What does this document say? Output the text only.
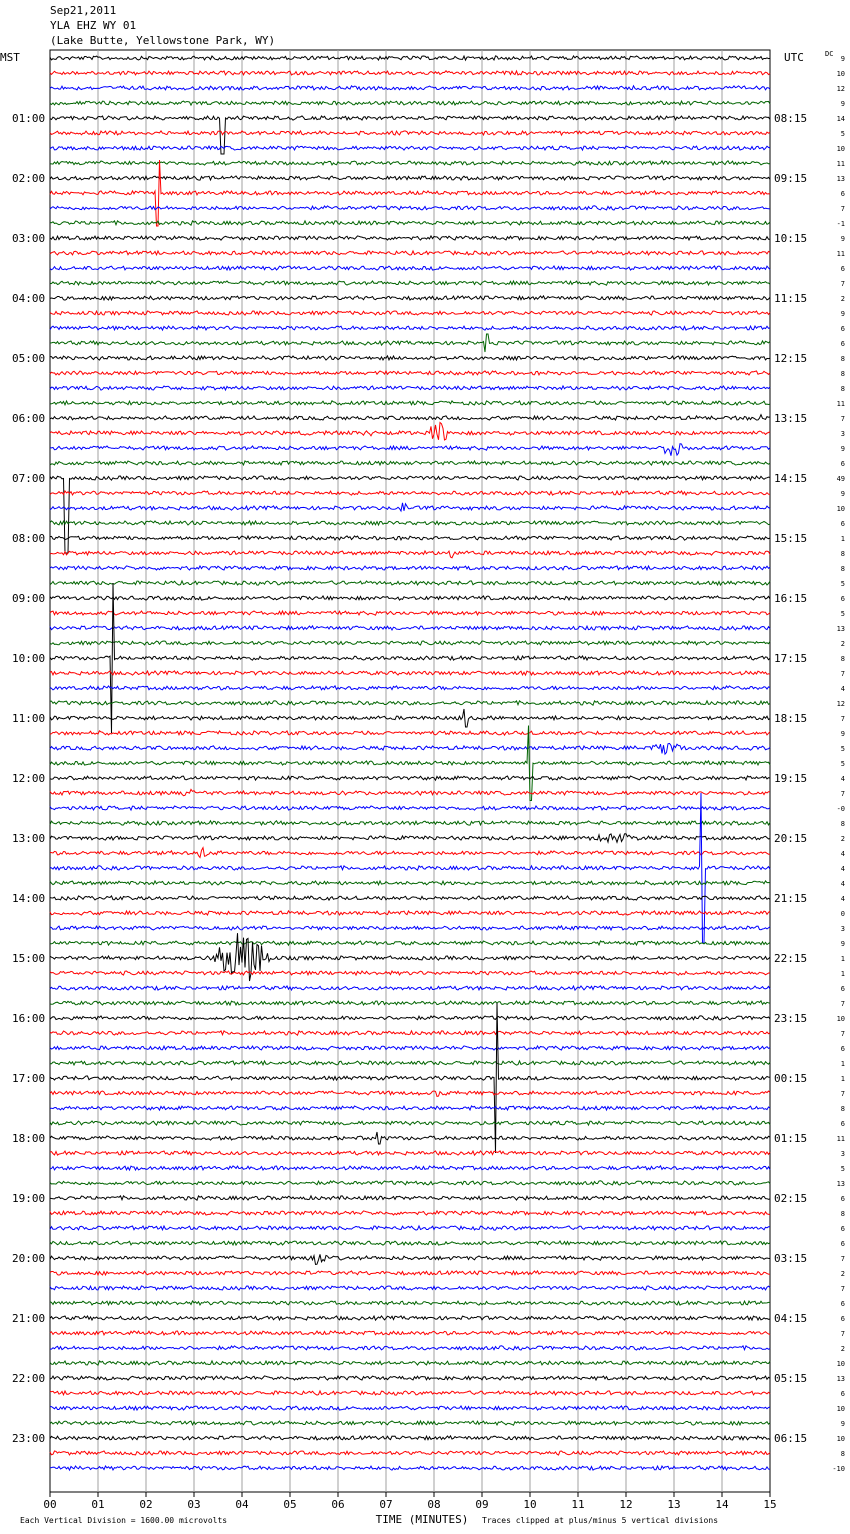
Sep21,2011
YLA EHZ WY 01
(Lake Butte, Yellowstone Park, WY)
MST	UTC	DC
01:00
02:00
03:00
04:00
05:00
06:00
07:00
08:00
09:00
10:00
11:00
12:00
13:00
14:00
15:00
16:00
17:00
18:00
19:00
20:00
21:00
22:00
23:00
08:15
09:15
10:15
11:15
12:15
13:15
14:15
15:15
16:15
17:15
18:15
19:15
20:15
21:15
22:15
23:15
00:15
01:15
02:15
03:15
04:15
05:15
06:15
9
10
12
9
14
5
10
11
13
6
7
-1
9
11
6
7
2
9
6
6
8
8
8
11
7
3
9
6
49
9
10
6
1
8
8
5
6
5
13
2
8
7
4
12
7
9
5
5
4
7
-0
8
2
4
4
4
4
0
3
9
1
1
6
7
10
7
6
1
1
7
8
6
11
3
5
13
6
8
6
6
7
2
7
6
6
7
2
10
13
6
10
9
10
8
-10
00	01	02	03	04	05	06	07	08	09	10	11	12	13	14	15
TIME (MINUTES)
Each Vertical Division = 1600.00 microvolts	Traces clipped at plus/minus 5 vertical divisions
